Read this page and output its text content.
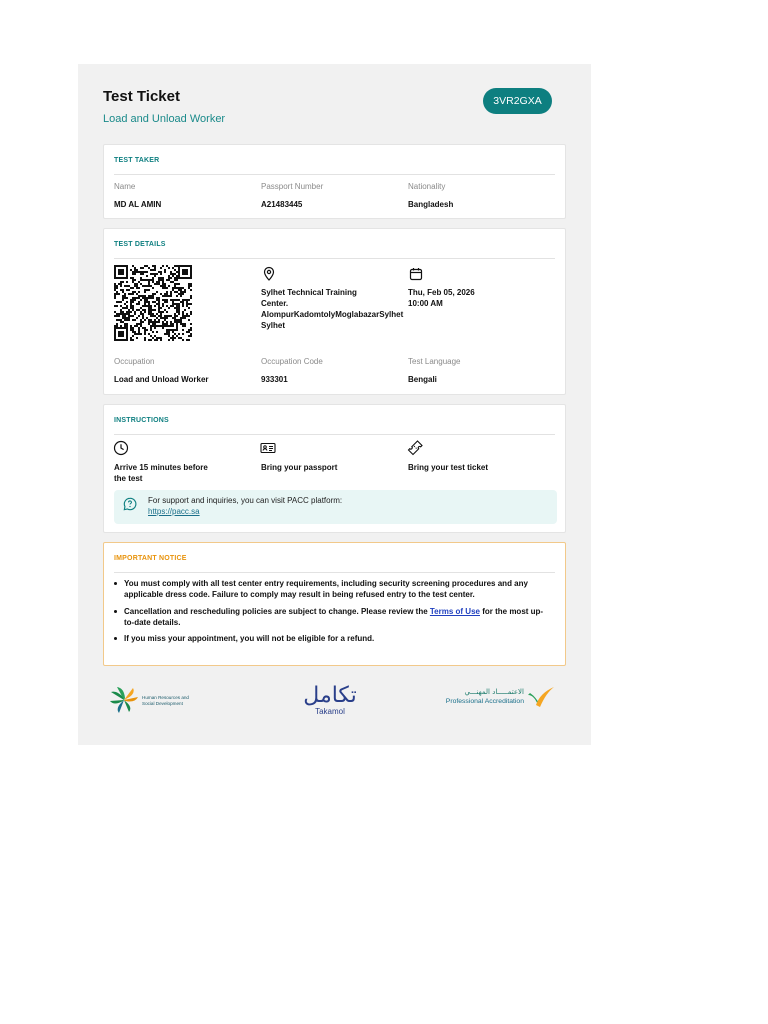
Test Ticket
Load and Unload Worker
3VR2GXA
TEST TAKER
Name
MD AL AMIN
Passport Number
A21483445
Nationality
Bangladesh
TEST DETAILS
Sylhet Technical Training
Center.
AlompurKadomtolyMoglabazarSylhet
Sylhet
Thu, Feb 05, 2026
10:00 AM
Occupation
Load and Unload Worker
Occupation Code
933301
Test Language
Bengali
INSTRUCTIONS
Arrive 15 minutes before
the test
Bring your passport	Bring your test ticket
For support and inquiries, you can visit PACC platform:
https://pacc.sa
IMPORTANT NOTICE
You must comply with all test center entry requirements, including security screening procedures and any applicable dress code. Failure to comply may result in being refused entry to the test center.
Cancellation and rescheduling policies are subject to change. Please review the Terms of Use for the most up-to-date details.
If you miss your appointment, you will not be eligible for a refund.
Human Resources and
Social Development	تكامل
Takamol
الاعتمـــــاد المهنـــي
Professional Accreditation
